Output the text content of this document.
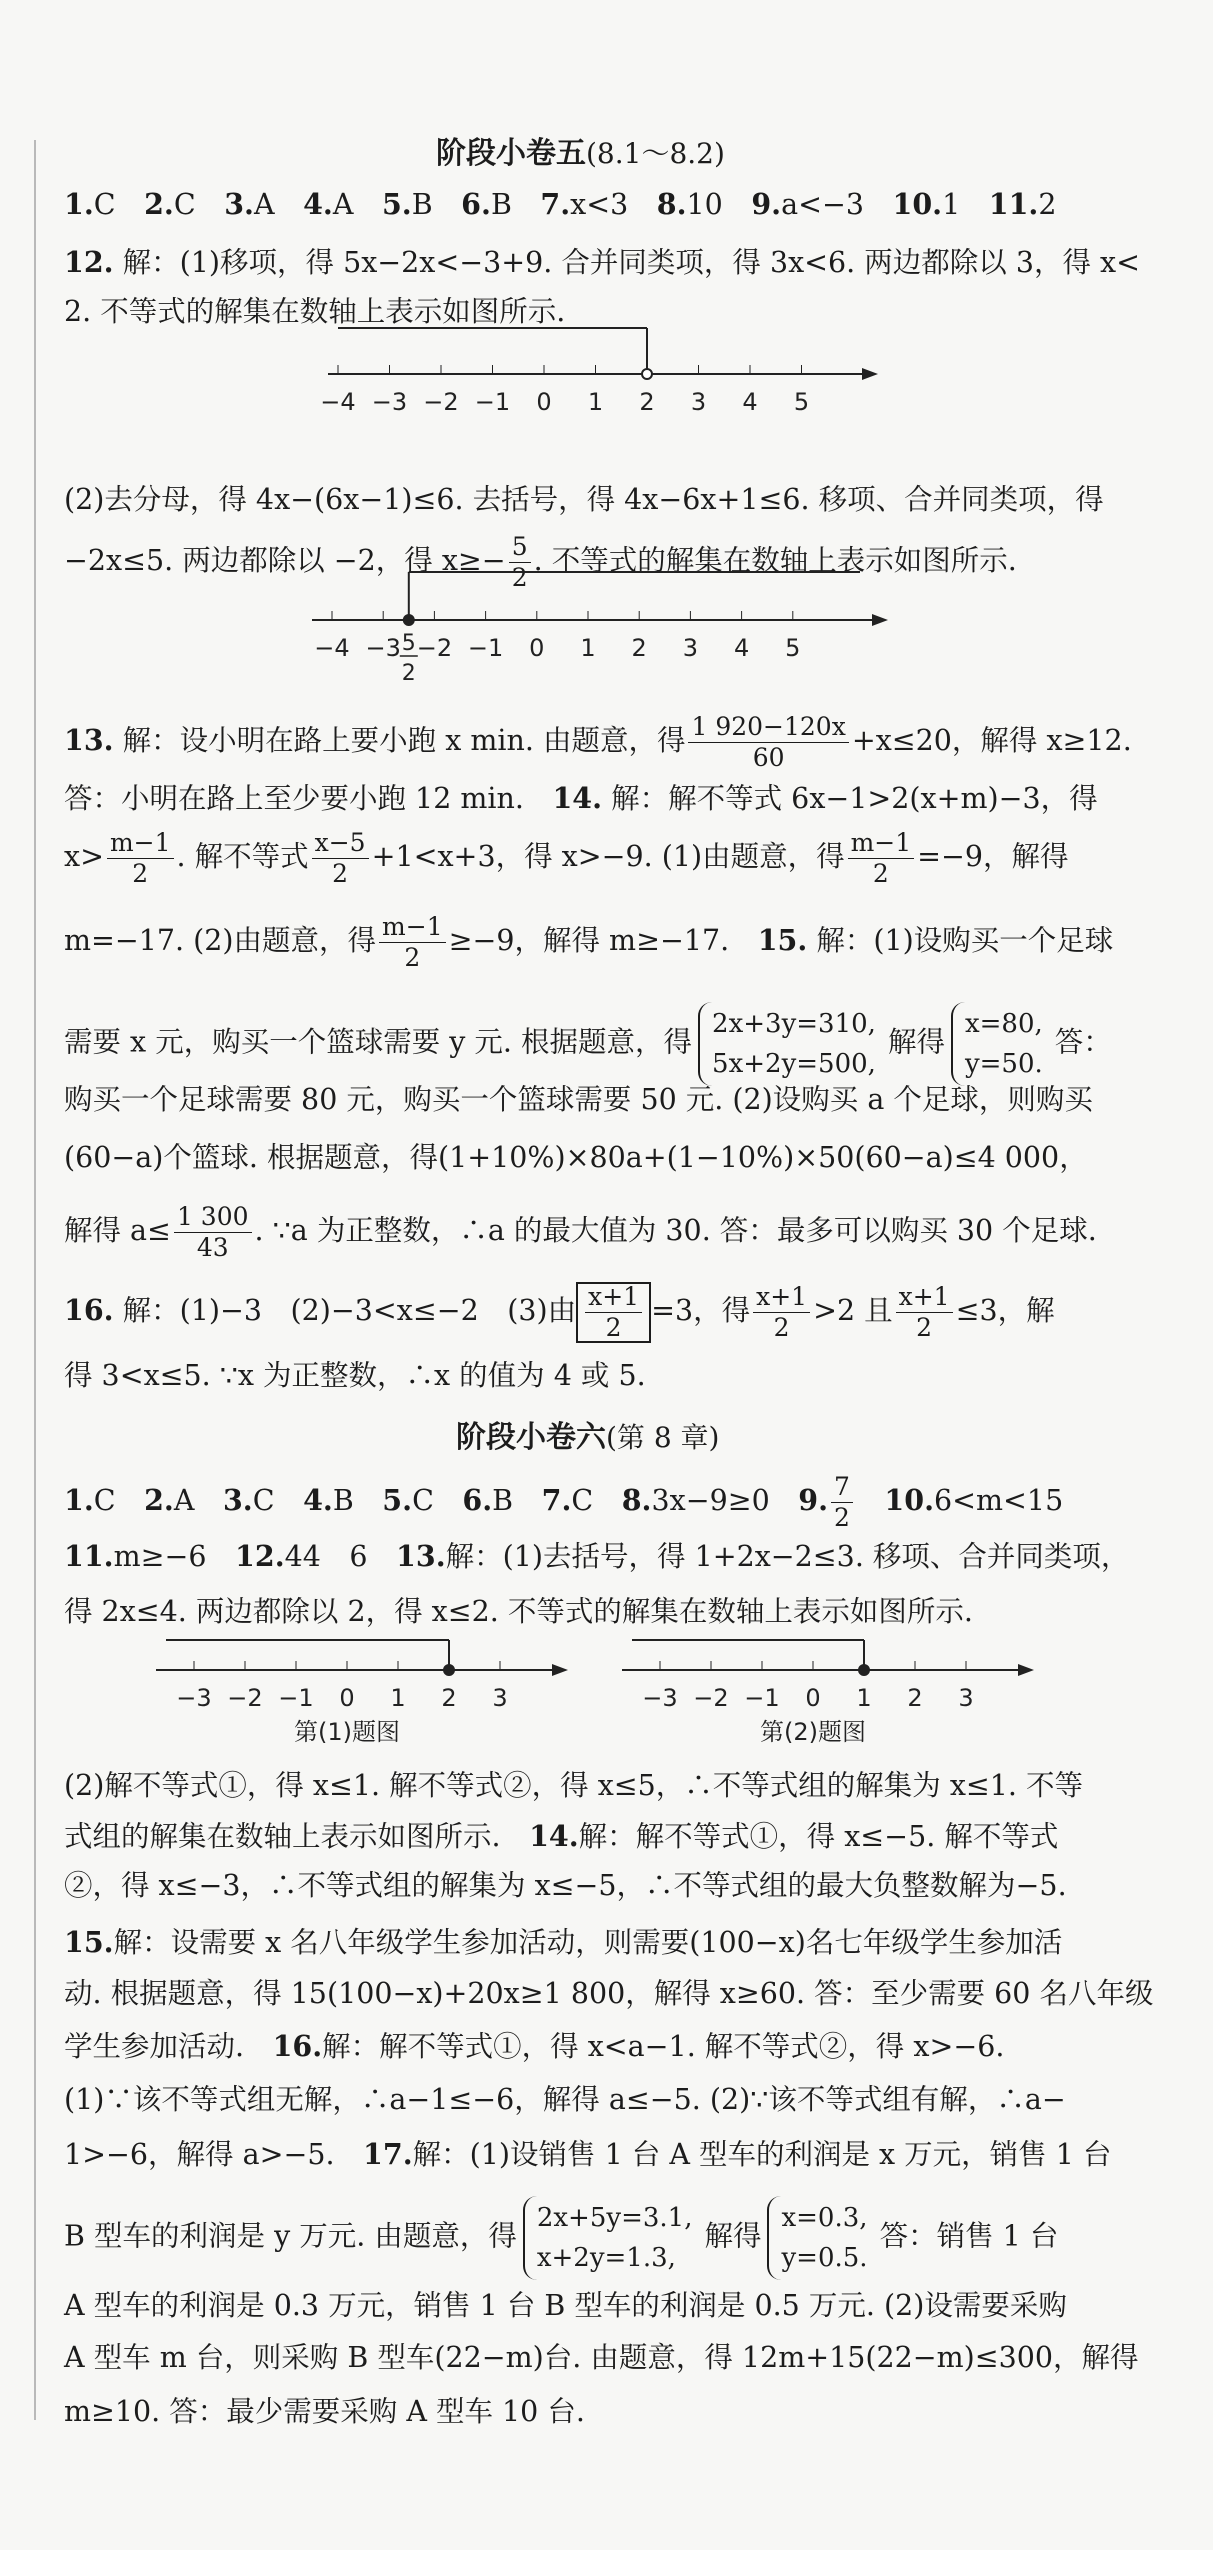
阶段小卷五(8.1～8.2)
1.C　 2.C　 3.A　 4.A　 5.B　 6.B　 7.x<3　 8.10　 9.a<−3　 10.1　 11.2　
12. 解：(1)移项，得 5x−2x<−3+9. 合并同类项，得 3x<6. 两边都除以 3，得 x<
2. 不等式的解集在数轴上表示如图所示.
−4 −3 −2 −1 0 1 2 3 4 5
(2)去分母，得 4x−(6x−1)≤6. 去括号，得 4x−6x+1≤6. 移项、合并同类项，得
−2x≤5. 两边都除以 −2，得 $x\ge- \frac{5}{2}$ . 不等式的解集在数轴上表示如图所示.
−4 −3 −2 −1 0 1 2 3 4 5
5
2
13. 解：设小明在路上要小跑 x min. 由题意，得 $\frac{1 920-120x}{60} +x\le 20$，解得 x≥12.
答：小明在路上至少要小跑 12 min.　 14. 解：解不等式 6x−1>2(x+m)−3，得
$x> \frac{m-1}{2}$ . 解不等式 $\frac{x-5}{2} +1<x+3$，得 x>−9. (1)由题意，得 $\frac{m-1}{2} =-9$，解得
m=−17. (2)由题意，得 $\frac{m-1}{2} \ge-9$，解得 m≥−17.　 15. 解：(1)设购买一个足球
需要 x 元，购买一个篮球需要 y 元. 根据题意，得
2x+3y=310,
5x+2y=500,
解得
x=80,
y=50.
答：
购买一个足球需要 80 元，购买一个篮球需要 50 元. (2)设购买 a 个足球，则购买
(60−a)个篮球. 根据题意，得(1+10%)×80a+(1−10%)×50(60−a)≤4 000，
解得 $a\le \frac{1 300}{43}$ . ∵a 为正整数，∴a 的最大值为 30. 答：最多可以购买 30 个足球.
16. 解：(1)−3　(2)−3<x≤−2　(3)由 $\frac{x+1}{2} =3$，得 $\frac{x+1}{2} >2$ 且 $\frac{x+1}{2} \le 3$，解
得 3<x≤5. ∵x 为正整数，∴x 的值为 4 或 5.
阶段小卷六(第 8 章)
1.C　 2.A　 3.C　 4.B　 5.C　 6.B　 7.C　 8.3x−9≥0　 9. $\frac{7}{2}$
　 10.6<m<15
11.m≥−6　 12.44　6　 13.解：(1)去括号，得 1+2x−2≤3. 移项、合并同类项，
得 2x≤4. 两边都除以 2，得 x≤2. 不等式的解集在数轴上表示如图所示.
−3 −2 −1 0 1 2 3
第(1)题图
−3 −2 −1 0 1 2 3
第(2)题图
(2)解不等式①，得 x≤1. 解不等式②，得 x≤5，∴不等式组的解集为 x≤1. 不等
式组的解集在数轴上表示如图所示.　 14.解：解不等式①，得 x≤−5. 解不等式
②，得 x≤−3，∴不等式组的解集为 x≤−5，∴不等式组的最大负整数解为−5.
15.解：设需要 x 名八年级学生参加活动，则需要(100−x)名七年级学生参加活
动. 根据题意，得 15(100−x)+20x≥1 800，解得 x≥60. 答：至少需要 60 名八年级
学生参加活动.　 16.解：解不等式①，得 x<a−1. 解不等式②，得 x>−6.
(1)∵该不等式组无解，∴a−1≤−6，解得 a≤−5. (2)∵该不等式组有解，∴a−
1>−6，解得 a>−5.　 17.解：(1)设销售 1 台 A 型车的利润是 x 万元，销售 1 台
B 型车的利润是 y 万元. 由题意，得
2x+5y=3.1,
x+2y=1.3,
解得
x=0.3,
y=0.5.
答：销售 1 台
A 型车的利润是 0.3 万元，销售 1 台 B 型车的利润是 0.5 万元. (2)设需要采购
A 型车 m 台，则采购 B 型车(22−m)台. 由题意，得 12m+15(22−m)≤300，解得
m≥10. 答：最少需要采购 A 型车 10 台.
